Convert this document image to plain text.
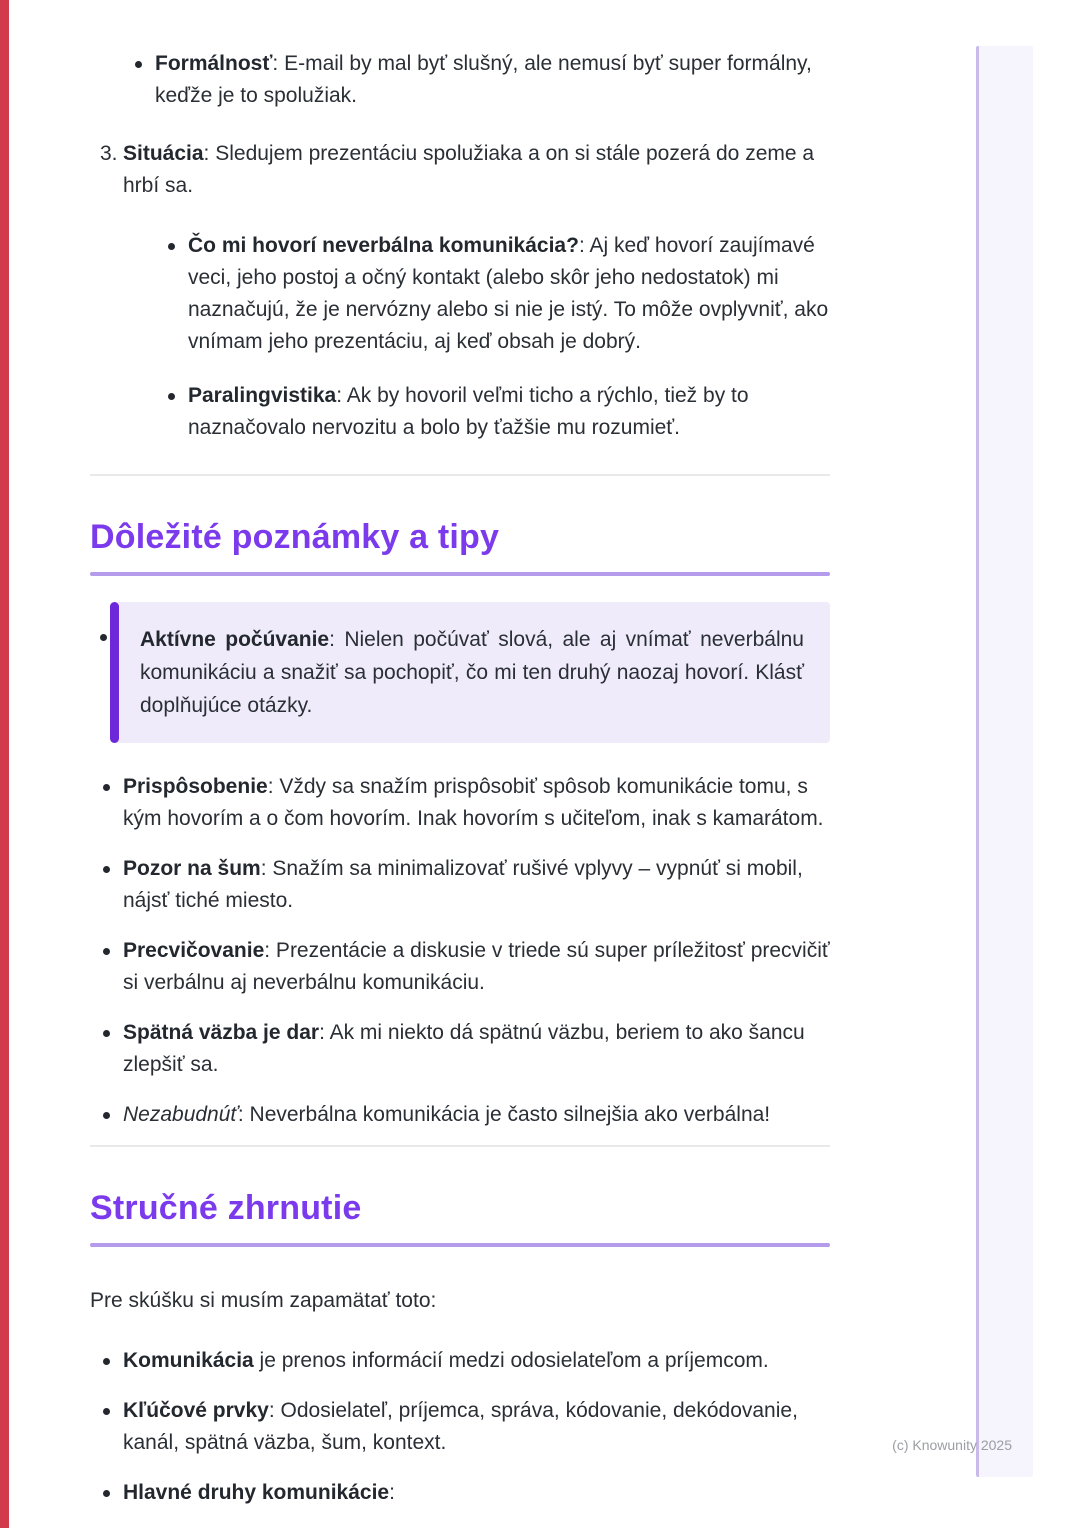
(c) Knowunity 2025
Formálnosť: E-mail by mal byť slušný, ale nemusí byť super formálny, keďže je to spolužiak.
3. Situácia: Sledujem prezentáciu spolužiaka a on si stále pozerá do zeme a hrbí sa.
Čo mi hovorí neverbálna komunikácia?: Aj keď hovorí zaujímavé veci, jeho postoj a očný kontakt (alebo skôr jeho nedostatok) mi naznačujú, že je nervózny alebo si nie je istý. To môže ovplyvniť, ako vnímam jeho prezentáciu, aj keď obsah je dobrý.
Paralingvistika: Ak by hovoril veľmi ticho a rýchlo, tiež by to naznačovalo nervozitu a bolo by ťažšie mu rozumieť.
Dôležité poznámky a tipy
Aktívne počúvanie: Nielen počúvať slová, ale aj vnímať neverbálnu komunikáciu a snažiť sa pochopiť, čo mi ten druhý naozaj hovorí. Klásť doplňujúce otázky.
Prispôsobenie: Vždy sa snažím prispôsobiť spôsob komunikácie tomu, s kým hovorím a o čom hovorím. Inak hovorím s učiteľom, inak s kamarátom.
Pozor na šum: Snažím sa minimalizovať rušivé vplyvy – vypnúť si mobil, nájsť tiché miesto.
Precvičovanie: Prezentácie a diskusie v triede sú super príležitosť precvičiť si verbálnu aj neverbálnu komunikáciu.
Spätná väzba je dar: Ak mi niekto dá spätnú väzbu, beriem to ako šancu zlepšiť sa.
Nezabudnúť: Neverbálna komunikácia je často silnejšia ako verbálna!
Stručné zhrnutie

Pre skúšku si musím zapamätať toto:

Komunikácia je prenos informácií medzi odosielateľom a príjemcom.
Kľúčové prvky: Odosielateľ, príjemca, správa, kódovanie, dekódovanie, kanál, spätná väzba, šum, kontext.
Hlavné druhy komunikácie:
